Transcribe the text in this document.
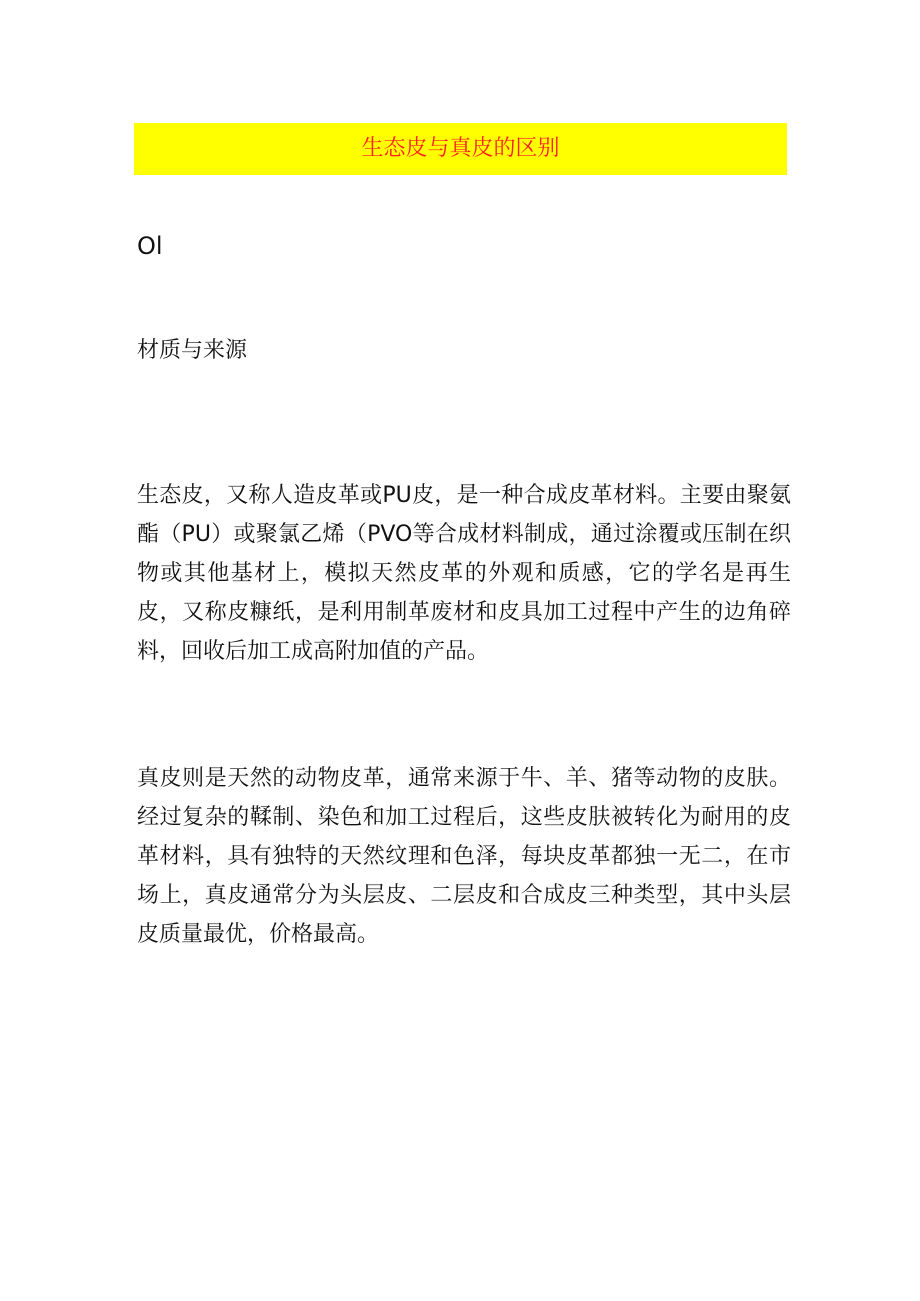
生态皮与真皮的区别
Ol
材质与来源

生态皮，又称人造皮革或PU皮，是一种合成皮革材料。主要由聚氨酯（PU）或聚氯乙烯（PVO等合成材料制成，通过涂覆或压制在织物或其他基材上，模拟天然皮革的外观和质感，它的学名是再生皮，又称皮糠纸，是利用制革废材和皮具加工过程中产生的边角碎料，回收后加工成高附加值的产品。

真皮则是天然的动物皮革，通常来源于牛、羊、猪等动物的皮肤。经过复杂的鞣制、染色和加工过程后，这些皮肤被转化为耐用的皮革材料，具有独特的天然纹理和色泽，每块皮革都独一无二，在市场上，真皮通常分为头层皮、二层皮和合成皮三种类型，其中头层皮质量最优，价格最高。
